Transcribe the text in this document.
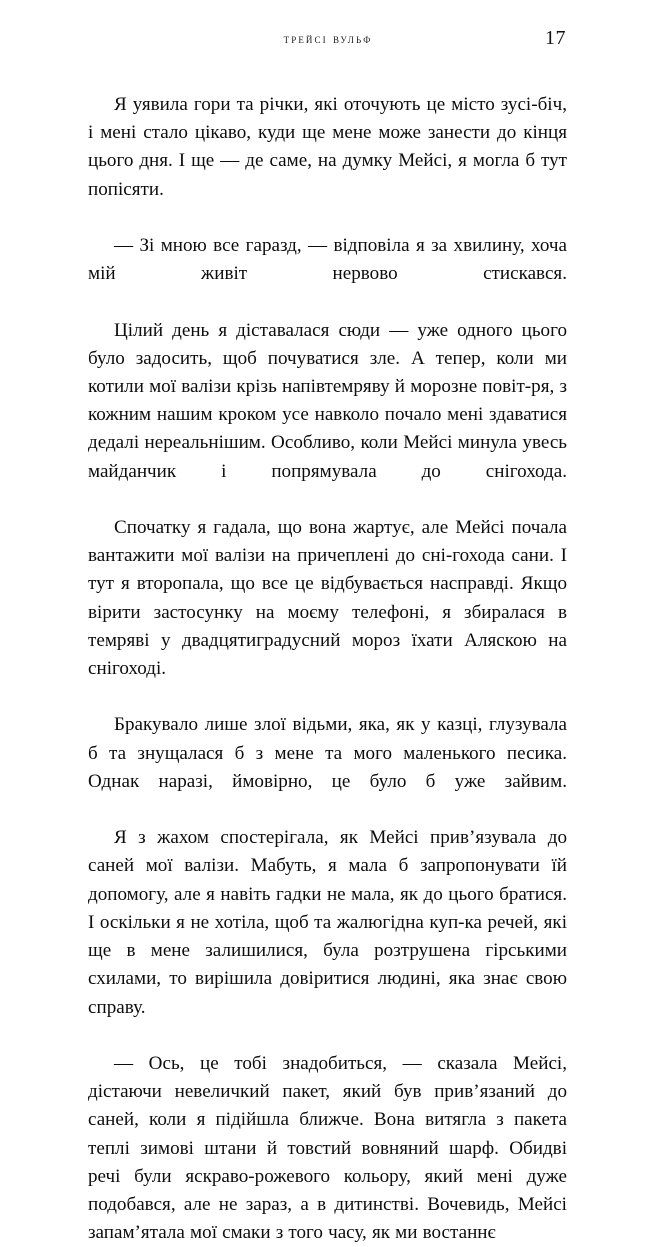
трейсі вульф	17

Я уявила гори та річки, які оточують це місто зусі-біч, і мені стало цікаво, куди ще мене може занести до кінця цього дня. І ще — де саме, на думку Мейсі, я могла б тут попісяти.

— Зі мною все гаразд, — відповіла я за хвилину, хоча мій живіт нервово стискався.

Цілий день я діставалася сюди — уже одного цього було задосить, щоб почуватися зле. А тепер, коли ми котили мої валізи крізь напівтемряву й морозне повіт-ря, з кожним нашим кроком усе навколо почало мені здаватися дедалі нереальнішим. Особливо, коли Мейсі минула увесь майданчик і попрямувала до снігохода.

Спочатку я гадала, що вона жартує, але Мейсі почала вантажити мої валізи на причеплені до сні-гохода сани. І тут я второпала, що все це відбувається насправді. Якщо вірити застосунку на моєму телефоні, я збиралася в темряві у двадцятиградусний мороз їхати Аляскою на снігоході.

Бракувало лише злої відьми, яка, як у казці, глузувала б та знущалася б з мене та мого маленького песика. Однак наразі, ймовірно, це було б уже зайвим.

Я з жахом спостерігала, як Мейсі прив’язувала до саней мої валізи. Мабуть, я мала б запропонувати їй допомогу, але я навіть гадки не мала, як до цього братися. І оскільки я не хотіла, щоб та жалюгідна куп-ка речей, які ще в мене залишилися, була розтрушена гірськими схилами, то вирішила довіритися людині, яка знає свою справу.

— Ось, це тобі знадобиться, — сказала Мейсі, дістаючи невеличкий пакет, який був прив’язаний до саней, коли я підійшла ближче. Вона витягла з пакета теплі зимові штани й товстий вовняний шарф. Обидві речі були яскраво-рожевого кольору, який мені дуже подобався, але не зараз, а в дитинстві. Вочевидь, Мейсі запам’ятала мої смаки з того часу, як ми востаннє
